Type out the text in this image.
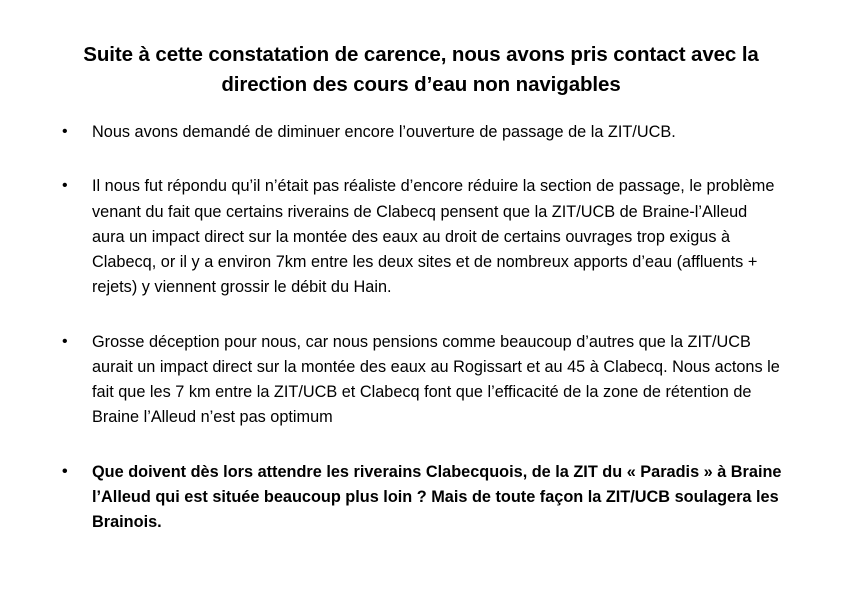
Suite à cette constatation de carence, nous avons pris contact avec la direction des cours d’eau non navigables
•	Nous avons demandé de diminuer encore l’ouverture de passage de la ZIT/UCB.
•	Il nous fut répondu qu’il n’était pas réaliste d’encore réduire la section de passage, le problème venant du fait que certains riverains de Clabecq pensent que la ZIT/UCB de Braine-l’Alleud aura un impact direct sur la montée des eaux au droit de certains ouvrages trop exigus à Clabecq, or il y a environ 7km entre les deux sites et de nombreux apports d’eau (affluents + rejets) y viennent grossir le débit du Hain.
•	Grosse déception pour nous, car nous pensions comme beaucoup d’autres que la ZIT/UCB aurait un impact direct sur la montée des eaux au Rogissart et au 45 à Clabecq. Nous actons le fait que les 7 km entre la ZIT/UCB et Clabecq font que l’efficacité de la zone de rétention de Braine l’Alleud n’est pas optimum
•	Que doivent dès lors attendre les riverains Clabecquois, de la ZIT du « Paradis » à Braine l’Alleud qui est située beaucoup plus loin ? Mais de toute façon la ZIT/UCB soulagera les Brainois.
